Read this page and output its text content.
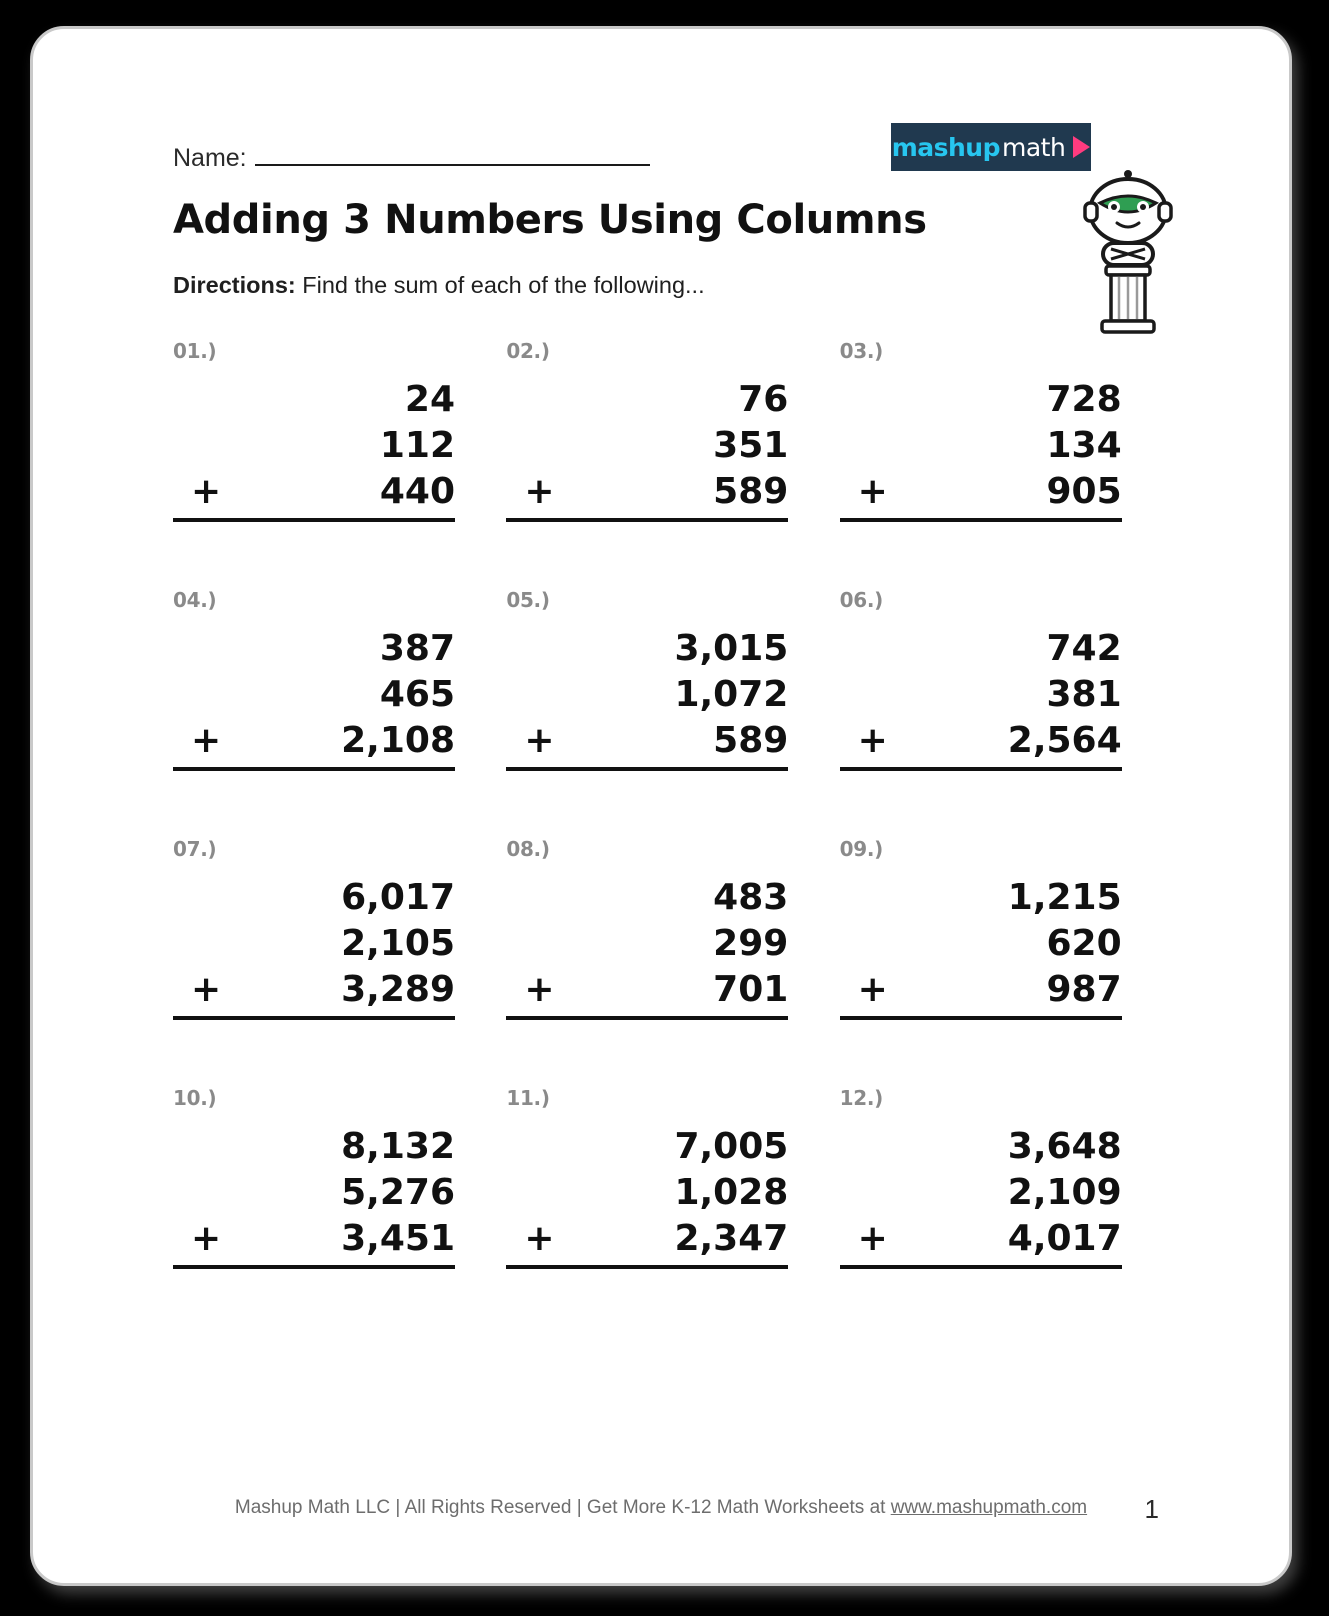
Name:	mashup math
Adding 3 Numbers Using Columns
Directions: Find the sum of each of the following...
01.)
24
112
+	440
02.)
76
351
+	589
03.)
728
134
+	905
04.)
387
465
+	2,108
05.)
3,015
1,072
+	589
06.)
742
381
+	2,564
07.)
6,017
2,105
+	3,289
08.)
483
299
+	701
09.)
1,215
620
+	987
10.)
8,132
5,276
+	3,451
11.)
7,005
1,028
+	2,347
12.)
3,648
2,109
+	4,017
Mashup Math LLC | All Rights Reserved | Get More K-12 Math Worksheets at www.mashupmath.com	1
